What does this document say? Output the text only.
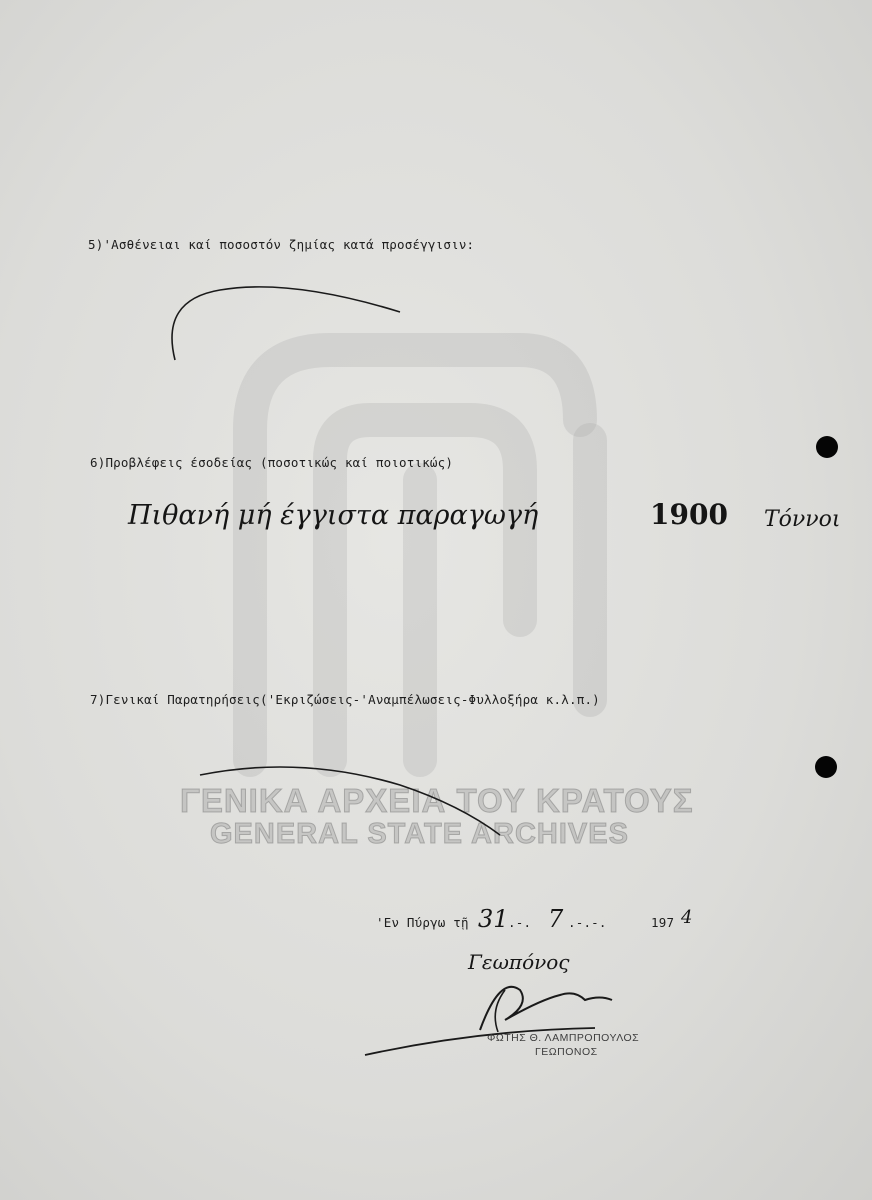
ΓΕΝΙΚΑ ΑΡΧΕΙΑ ΤΟΥ ΚΡΑΤΟΥΣ
GENERAL STATE ARCHIVES
5)'Ασθένειαι καί ποσοστόν ζημίας κατά προσέγγισιν:
6)Προβλέφεις έσοδείας (ποσοτικώς καί ποιοτικώς)
7)Γενικαί Παρατηρήσεις('Εκριζώσεις-'Αναμπέλωσεις-Φυλλοξήρα κ.λ.π.)
Πιθανή μή έγγιστα παραγωγή	1900 Τόννοι
'Εν Πύργω τῇ 31 .-. 7 .-.-.	197 4
Γεωπόνος
ΦΩΤΗΣ Θ. ΛΑΜΠΡΟΠΟΥΛΟΣ
ΓΕΩΠΟΝΟΣ
